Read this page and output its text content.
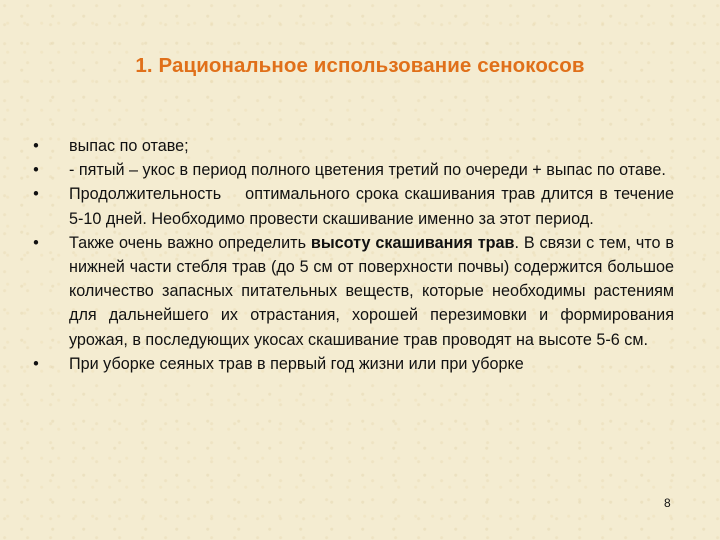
1. Рациональное использование сенокосов
• выпас по отаве;
• - пятый – укос в период полного цветения третий по очереди + выпас по отаве.
• Продолжительность    оптимального срока скашивания трав длится в течение 5-10 дней. Необходимо провести скашивание именно за этот период.
• Также очень важно определить высоту скашивания трав. В связи с тем, что в нижней части стебля трав (до 5 см от поверхности почвы) содержится большое количество запасных питательных веществ, которые необходимы растениям для дальнейшего их отрастания, хорошей перезимовки и формирования урожая, в последующих укосах скашивание трав проводят на высоте 5-6 см.
• При уборке сеяных трав в первый год жизни или при уборке
8
